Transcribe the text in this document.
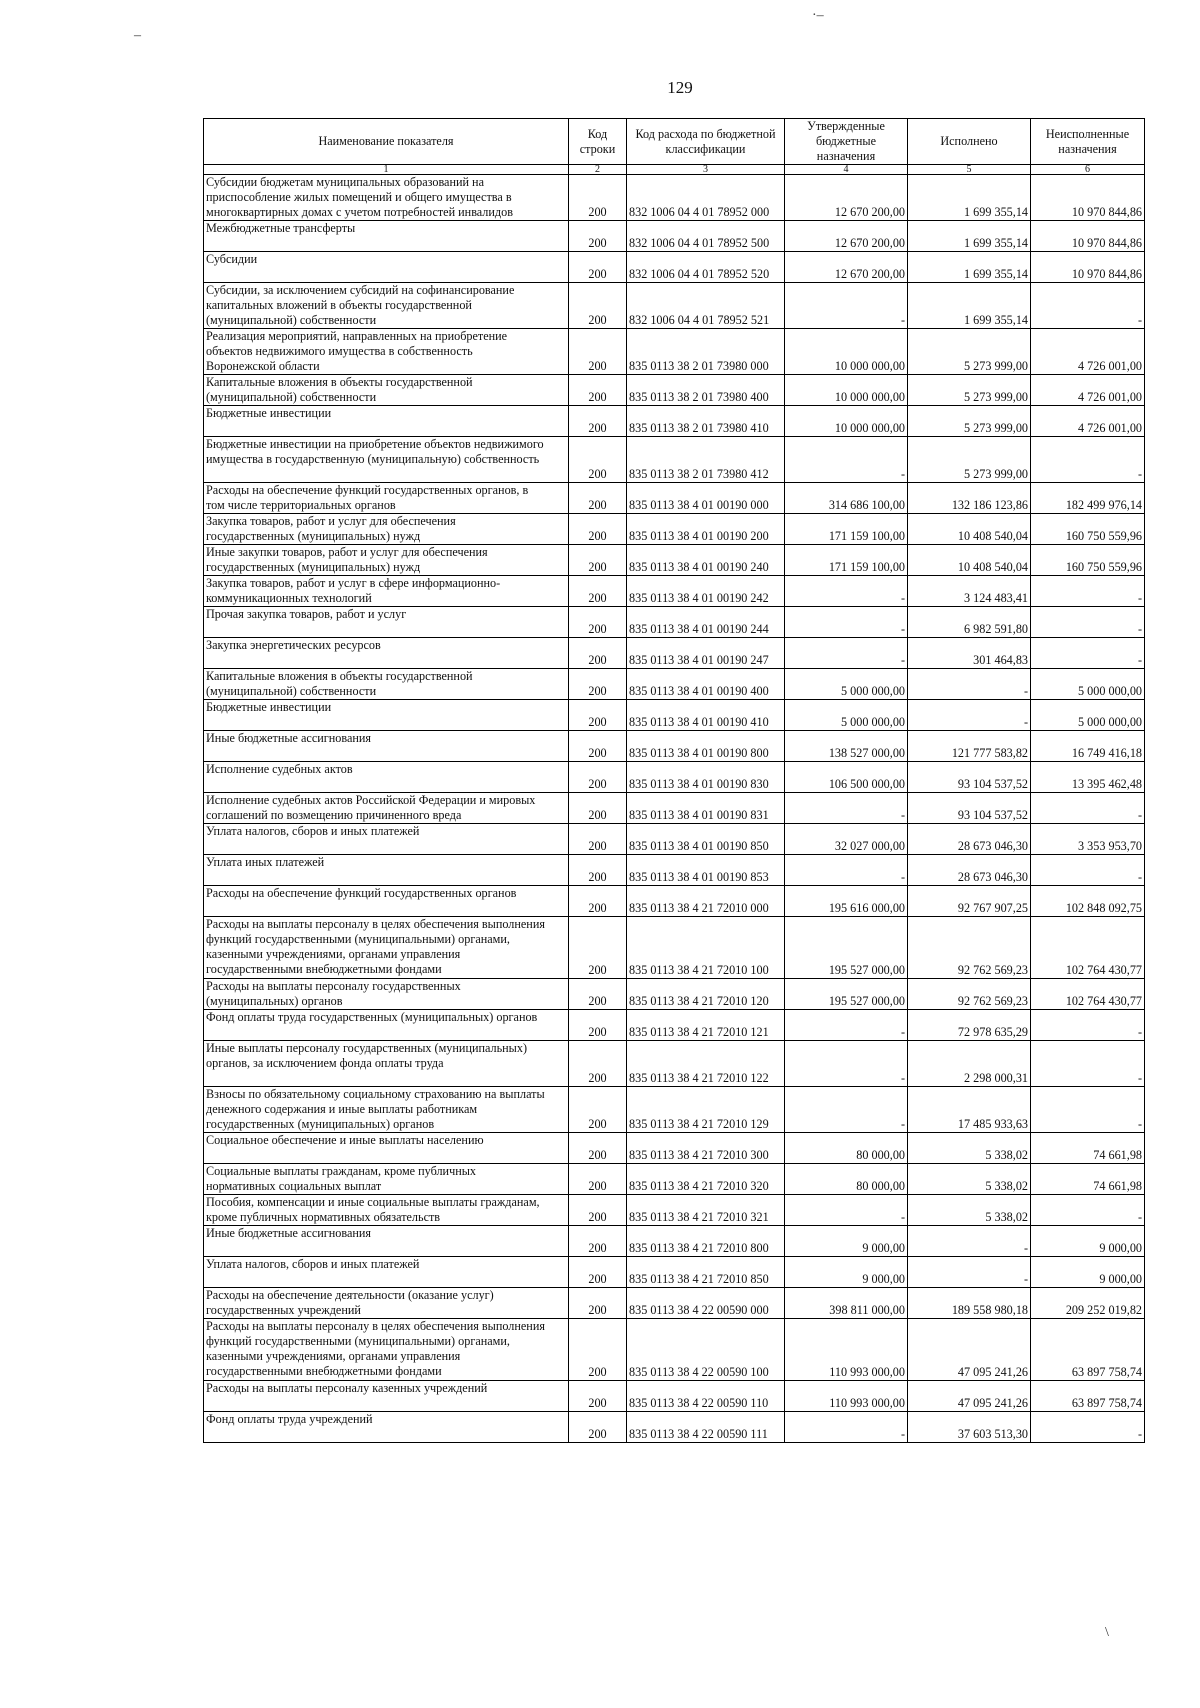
129
–
·–
\
Наименование показателя	Код строки	Код расхода по бюджетной классификации	Утвержденные бюджетные назначения	Исполнено	Неисполненные назначения
1	2	3	4	5	6
Субсидии бюджетам муниципальных образований на
приспособление жилых помещений и общего имущества в
многоквартирных домах с учетом потребностей инвалидов	200	832 1006 04 4 01 78952 000	12 670 200,00	1 699 355,14	10 970 844,86
Межбюджетные трансферты	200	832 1006 04 4 01 78952 500	12 670 200,00	1 699 355,14	10 970 844,86
Субсидии	200	832 1006 04 4 01 78952 520	12 670 200,00	1 699 355,14	10 970 844,86
Субсидии, за исключением субсидий на софинансирование
капитальных вложений в объекты государственной
(муниципальной) собственности	200	832 1006 04 4 01 78952 521	-	1 699 355,14	-
Реализация мероприятий, направленных на приобретение
объектов недвижимого имущества в собственность
Воронежской области	200	835 0113 38 2 01 73980 000	10 000 000,00	5 273 999,00	4 726 001,00
Капитальные вложения в объекты государственной
(муниципальной) собственности	200	835 0113 38 2 01 73980 400	10 000 000,00	5 273 999,00	4 726 001,00
Бюджетные инвестиции	200	835 0113 38 2 01 73980 410	10 000 000,00	5 273 999,00	4 726 001,00
Бюджетные инвестиции на приобретение объектов недвижимого
имущества в государственную (муниципальную) собственность	200	835 0113 38 2 01 73980 412	-	5 273 999,00	-
Расходы на обеспечение функций государственных органов, в
том числе территориальных органов	200	835 0113 38 4 01 00190 000	314 686 100,00	132 186 123,86	182 499 976,14
Закупка товаров, работ и услуг для обеспечения
государственных (муниципальных) нужд	200	835 0113 38 4 01 00190 200	171 159 100,00	10 408 540,04	160 750 559,96
Иные закупки товаров, работ и услуг для обеспечения
государственных (муниципальных) нужд	200	835 0113 38 4 01 00190 240	171 159 100,00	10 408 540,04	160 750 559,96
Закупка товаров, работ и услуг в сфере информационно-
коммуникационных технологий	200	835 0113 38 4 01 00190 242	-	3 124 483,41	-
Прочая закупка товаров, работ и услуг	200	835 0113 38 4 01 00190 244	-	6 982 591,80	-
Закупка энергетических ресурсов	200	835 0113 38 4 01 00190 247	-	301 464,83	-
Капитальные вложения в объекты государственной
(муниципальной) собственности	200	835 0113 38 4 01 00190 400	5 000 000,00	-	5 000 000,00
Бюджетные инвестиции	200	835 0113 38 4 01 00190 410	5 000 000,00	-	5 000 000,00
Иные бюджетные ассигнования	200	835 0113 38 4 01 00190 800	138 527 000,00	121 777 583,82	16 749 416,18
Исполнение судебных актов	200	835 0113 38 4 01 00190 830	106 500 000,00	93 104 537,52	13 395 462,48
Исполнение судебных актов Российской Федерации и мировых
соглашений по возмещению причиненного вреда	200	835 0113 38 4 01 00190 831	-	93 104 537,52	-
Уплата налогов, сборов и иных платежей	200	835 0113 38 4 01 00190 850	32 027 000,00	28 673 046,30	3 353 953,70
Уплата иных платежей	200	835 0113 38 4 01 00190 853	-	28 673 046,30	-
Расходы на обеспечение функций государственных органов	200	835 0113 38 4 21 72010 000	195 616 000,00	92 767 907,25	102 848 092,75
Расходы на выплаты персоналу в целях обеспечения выполнения
функций государственными (муниципальными) органами,
казенными учреждениями, органами управления
государственными внебюджетными фондами	200	835 0113 38 4 21 72010 100	195 527 000,00	92 762 569,23	102 764 430,77
Расходы на выплаты персоналу государственных
(муниципальных) органов	200	835 0113 38 4 21 72010 120	195 527 000,00	92 762 569,23	102 764 430,77
Фонд оплаты труда государственных (муниципальных) органов	200	835 0113 38 4 21 72010 121	-	72 978 635,29	-
Иные выплаты персоналу государственных (муниципальных)
органов, за исключением фонда оплаты труда	200	835 0113 38 4 21 72010 122	-	2 298 000,31	-
Взносы по обязательному социальному страхованию на выплаты
денежного содержания и иные выплаты работникам
государственных (муниципальных) органов	200	835 0113 38 4 21 72010 129	-	17 485 933,63	-
Социальное обеспечение и иные выплаты населению	200	835 0113 38 4 21 72010 300	80 000,00	5 338,02	74 661,98
Социальные выплаты гражданам, кроме публичных
нормативных социальных выплат	200	835 0113 38 4 21 72010 320	80 000,00	5 338,02	74 661,98
Пособия, компенсации и иные социальные выплаты гражданам,
кроме публичных нормативных обязательств	200	835 0113 38 4 21 72010 321	-	5 338,02	-
Иные бюджетные ассигнования	200	835 0113 38 4 21 72010 800	9 000,00	-	9 000,00
Уплата налогов, сборов и иных платежей	200	835 0113 38 4 21 72010 850	9 000,00	-	9 000,00
Расходы на обеспечение деятельности (оказание услуг)
государственных учреждений	200	835 0113 38 4 22 00590 000	398 811 000,00	189 558 980,18	209 252 019,82
Расходы на выплаты персоналу в целях обеспечения выполнения
функций государственными (муниципальными) органами,
казенными учреждениями, органами управления
государственными внебюджетными фондами	200	835 0113 38 4 22 00590 100	110 993 000,00	47 095 241,26	63 897 758,74
Расходы на выплаты персоналу казенных учреждений	200	835 0113 38 4 22 00590 110	110 993 000,00	47 095 241,26	63 897 758,74
Фонд оплаты труда учреждений	200	835 0113 38 4 22 00590 111	-	37 603 513,30	-
